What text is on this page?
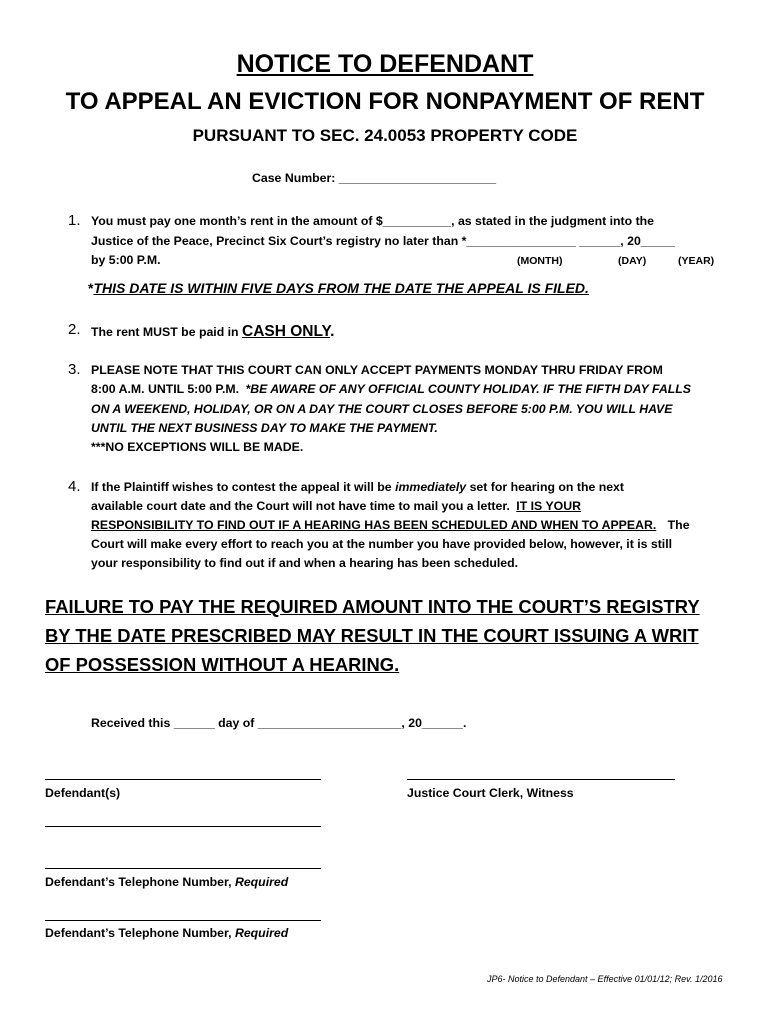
NOTICE TO DEFENDANT
TO APPEAL AN EVICTION FOR NONPAYMENT OF RENT
PURSUANT TO SEC. 24.0053 PROPERTY CODE
Case Number: _______________________
1. You must pay one month’s rent in the amount of $__________, as stated in the judgment into the
Justice of the Peace, Precinct Six Court’s registry no later than *________________ ______, 20_____
by 5:00 P.M.	(MONTH)	(DAY)	(YEAR)
*THIS DATE IS WITHIN FIVE DAYS FROM THE DATE THE APPEAL IS FILED.
2. The rent MUST be paid in CASH ONLY.
3. PLEASE NOTE THAT THIS COURT CAN ONLY ACCEPT PAYMENTS MONDAY THRU FRIDAY FROM
8:00 A.M. UNTIL 5:00 P.M. *BE AWARE OF ANY OFFICIAL COUNTY HOLIDAY. IF THE FIFTH DAY FALLS
ON A WEEKEND, HOLIDAY, OR ON A DAY THE COURT CLOSES BEFORE 5:00 P.M. YOU WILL HAVE
UNTIL THE NEXT BUSINESS DAY TO MAKE THE PAYMENT.
***NO EXCEPTIONS WILL BE MADE.
4. If the Plaintiff wishes to contest the appeal it will be immediately set for hearing on the next
available court date and the Court will not have time to mail you a letter. IT IS YOUR
RESPONSIBILITY TO FIND OUT IF A HEARING HAS BEEN SCHEDULED AND WHEN TO APPEAR. The
Court will make every effort to reach you at the number you have provided below, however, it is still
your responsibility to find out if and when a hearing has been scheduled.
FAILURE TO PAY THE REQUIRED AMOUNT INTO THE COURT’S REGISTRY
BY THE DATE PRESCRIBED MAY RESULT IN THE COURT ISSUING A WRIT
OF POSSESSION WITHOUT A HEARING.
Received this ______ day of _____________________, 20______.
Defendant(s)	Justice Court Clerk, Witness
Defendant’s Telephone Number, Required
Defendant’s Telephone Number, Required
JP6- Notice to Defendant – Effective 01/01/12; Rev. 1/2016
